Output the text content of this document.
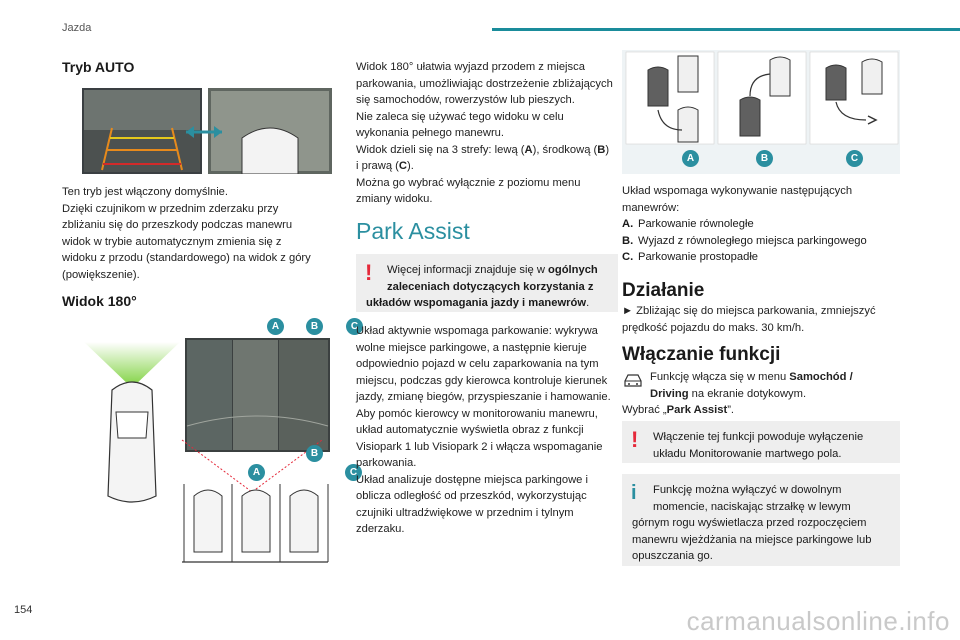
Jazda
Tryb AUTO
Ten tryb jest włączony domyślnie.
Dzięki czujnikom w przednim zderzaku przy
zbliżaniu się do przeszkody podczas manewru
widok w trybie automatycznym zmienia się z
widoku z przodu (standardowego) na widok z góry
(powiększenie).
Widok 180°
A	B	C
A
B
C
Widok 180° ułatwia wyjazd przodem z miejsca
parkowania, umożliwiając dostrzeżenie zbliżających
się samochodów, rowerzystów lub pieszych.
Nie zaleca się używać tego widoku w celu
wykonania pełnego manewru.
Widok dzieli się na 3 strefy: lewą (A), środkową (B)
i prawą (C).
Można go wybrać wyłącznie z poziomu menu
zmiany widoku.
Park Assist
!	Więcej informacji znajduje się w ogólnych
zaleceniach dotyczących korzystania z
układów wspomagania jazdy i manewrów.
Układ aktywnie wspomaga parkowanie: wykrywa
wolne miejsce parkingowe, a następnie kieruje
odpowiednio pojazd w celu zaparkowania na tym
miejscu, podczas gdy kierowca kontroluje kierunek
jazdy, zmianę biegów, przyspieszanie i hamowanie.
Aby pomóc kierowcy w monitorowaniu manewru,
układ automatycznie wyświetla obraz z funkcji
Visiopark 1 lub Visiopark 2 i włącza wspomaganie
parkowania.
Układ analizuje dostępne miejsca parkingowe i
oblicza odległość od przeszkód, wykorzystując
czujniki ultradźwiękowe w przednim i tylnym
zderzaku.
A	B	C
Układ wspomaga wykonywanie następujących
manewrów:
A. Parkowanie równoległe
B. Wyjazd z równoległego miejsca parkingowego
C. Parkowanie prostopadłe
Działanie
► Zbliżając się do miejsca parkowania, zmniejszyć
prędkość pojazdu do maks. 30 km/h.
Włączanie funkcji
Funkcję włącza się w menu Samochód /
Driving na ekranie dotykowym.
Wybrać „Park Assist”.
!	Włączenie tej funkcji powoduje wyłączenie
układu Monitorowanie martwego pola.
i	Funkcję można wyłączyć w dowolnym
momencie, naciskając strzałkę w lewym
górnym rogu wyświetlacza przed rozpoczęciem
manewru wjeżdżania na miejsce parkingowe lub
opuszczania go.
154	carmanualsonline.info
